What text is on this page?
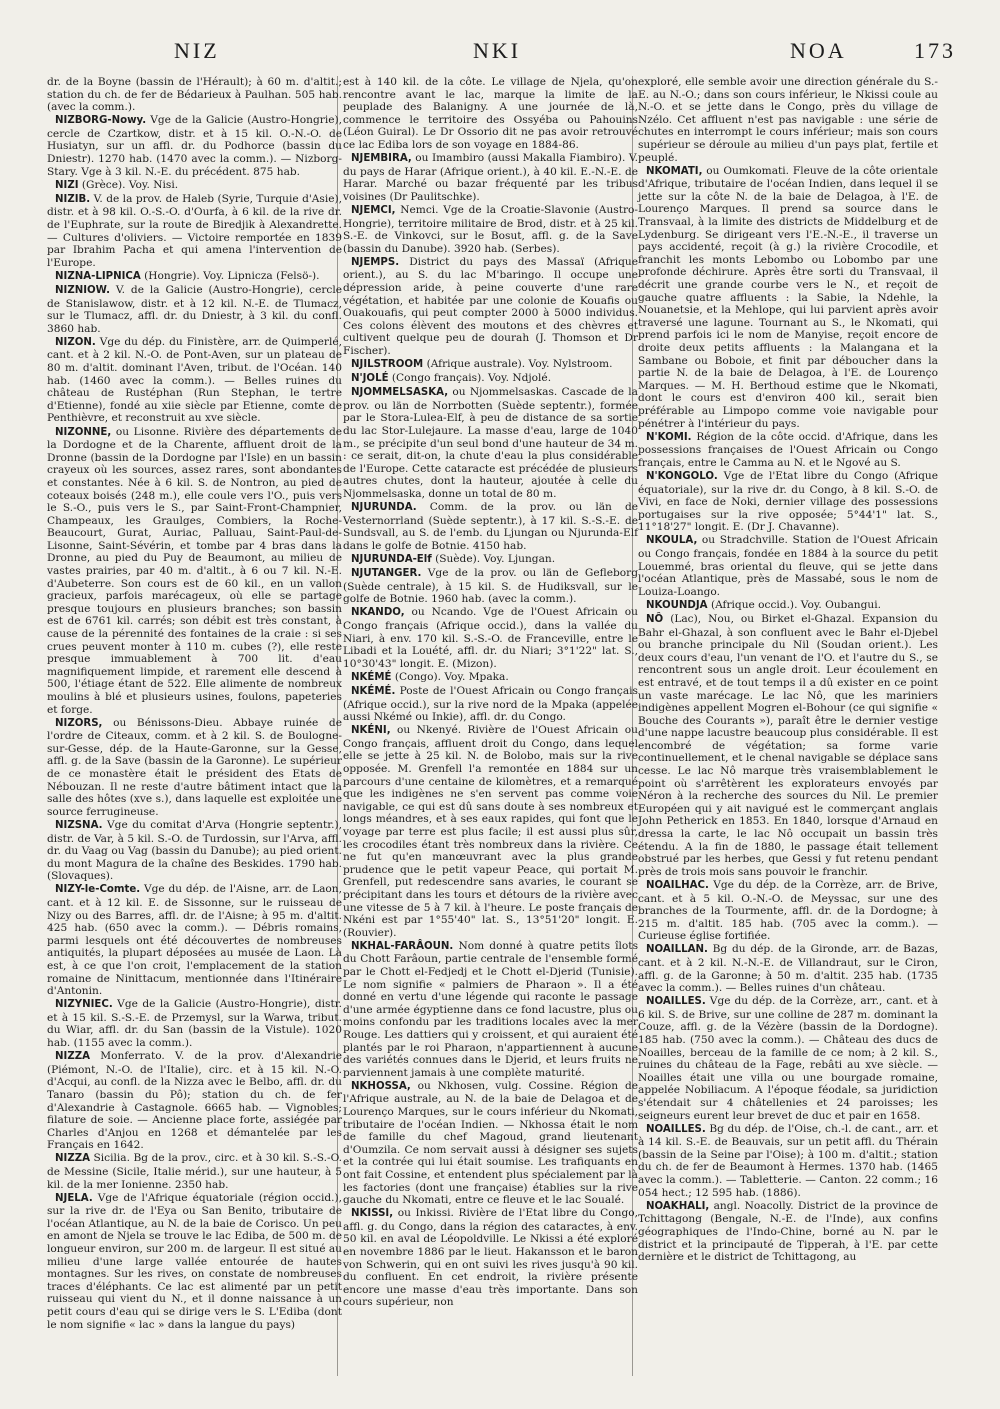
NIZ	NKI	NOA	173

dr. de la Boyne (bassin de l'Hérault); à 60 m. d'altit.; station du ch. de fer de Bédarieux à Paulhan. 505 hab. (avec la comm.).

NIZBORG-Nowy. Vge de la Galicie (Austro-Hongrie), cercle de Czartkow, distr. et à 15 kil. O.-N.-O. de Husiatyn, sur un affl. dr. du Podhorce (bassin du Dniestr). 1270 hab. (1470 avec la comm.). — Nizborg-Stary. Vge à 3 kil. N.-E. du précédent. 875 hab.

NIZI (Grèce). Voy. Nisi.

NIZIB. V. de la prov. de Haleb (Syrie, Turquie d'Asie), distr. et à 98 kil. O.-S.-O. d'Ourfa, à 6 kil. de la rive dr. de l'Euphrate, sur la route de Biredjik à Alexandrette. — Cultures d'oliviers. — Victoire remportée en 1839 par Ibrahim Pacha et qui amena l'intervention de l'Europe.

NIZNA-LIPNICA (Hongrie). Voy. Lipnicza (Felsö-).

NIZNIOW. V. de la Galicie (Austro-Hongrie), cercle de Stanislawow, distr. et à 12 kil. N.-E. de Tlumacz, sur le Tlumacz, affl. dr. du Dniestr, à 3 kil. du confl. 3860 hab.

NIZON. Vge du dép. du Finistère, arr. de Quimperlé, cant. et à 2 kil. N.-O. de Pont-Aven, sur un plateau de 80 m. d'altit. dominant l'Aven, tribut. de l'Océan. 140 hab. (1460 avec la comm.). — Belles ruines du château de Rustéphan (Run Stephan, le tertre d'Etienne), fondé au xiie siècle par Etienne, comte de Penthièvre, et reconstruit au xve siècle.

NIZONNE, ou Lisonne. Rivière des départements de la Dordogne et de la Charente, affluent droit de la Dronne (bassin de la Dordogne par l'Isle) en un bassin crayeux où les sources, assez rares, sont abondantes et constantes. Née à 6 kil. S. de Nontron, au pied de coteaux boisés (248 m.), elle coule vers l'O., puis vers le S.-O., puis vers le S., par Saint-Front-Champnier, Champeaux, les Graulges, Combiers, la Roche-Beaucourt, Gurat, Auriac, Palluau, Saint-Paul-de-Lisonne, Saint-Sévérin, et tombe par 4 bras dans la Dronne, au pied du Puy de Beaumont, au milieu de vastes prairies, par 40 m. d'altit., à 6 ou 7 kil. N.-E. d'Aubeterre. Son cours est de 60 kil., en un vallon gracieux, parfois marécageux, où elle se partage presque toujours en plusieurs branches; son bassin est de 6761 kil. carrés; son débit est très constant, à cause de la pérennité des fontaines de la craie : si ses crues peuvent monter à 110 m. cubes (?), elle reste presque immuablement à 700 lit. d'eau magnifiquement limpide, et rarement elle descend à 500, l'étiage étant de 522. Elle alimente de nombreux moulins à blé et plusieurs usines, foulons, papeteries et forge.

NIZORS, ou Bénissons-Dieu. Abbaye ruinée de l'ordre de Citeaux, comm. et à 2 kil. S. de Boulogne-sur-Gesse, dép. de la Haute-Garonne, sur la Gesse, affl. g. de la Save (bassin de la Garonne). Le supérieur de ce monastère était le président des Etats de Nébouzan. Il ne reste d'autre bâtiment intact que la salle des hôtes (xve s.), dans laquelle est exploitée une source ferrugineuse.

NIZSNA. Vge du comitat d'Arva (Hongrie septentr.), distr. de Var, à 5 kil. S.-O. de Turdossin, sur l'Arva, affl. dr. du Vaag ou Vag (bassin du Danube); au pied orient. du mont Magura de la chaîne des Beskides. 1790 hab. (Slovaques).

NIZY-le-Comte. Vge du dép. de l'Aisne, arr. de Laon, cant. et à 12 kil. E. de Sissonne, sur le ruisseau de Nizy ou des Barres, affl. dr. de l'Aisne; à 95 m. d'altit. 425 hab. (650 avec la comm.). — Débris romains, parmi lesquels ont été découvertes de nombreuses antiquités, la plupart déposées au musée de Laon. Là est, à ce que l'on croit, l'emplacement de la station romaine de Ninittacum, mentionnée dans l'Itinéraire d'Antonin.

NIZYNIEC. Vge de la Galicie (Austro-Hongrie), distr. et à 15 kil. S.-S.-E. de Przemysl, sur la Warwa, tribut. du Wiar, affl. dr. du San (bassin de la Vistule). 1020 hab. (1155 avec la comm.).

NIZZA Monferrato. V. de la prov. d'Alexandrie (Piémont, N.-O. de l'Italie), circ. et à 15 kil. N.-O. d'Acqui, au confl. de la Nizza avec le Belbo, affl. dr. du Tanaro (bassin du Pô); station du ch. de fer d'Alexandrie à Castagnole. 6665 hab. — Vignobles; filature de soie. — Ancienne place forte, assiégée par Charles d'Anjou en 1268 et démantelée par les Français en 1642.

NIZZA Sicilia. Bg de la prov., circ. et à 30 kil. S.-S.-O. de Messine (Sicile, Italie mérid.), sur une hauteur, à 5 kil. de la mer Ionienne. 2350 hab.

NJELA. Vge de l'Afrique équatoriale (région occid.), sur la rive dr. de l'Eya ou San Benito, tributaire de l'océan Atlantique, au N. de la baie de Corisco. Un peu en amont de Njela se trouve le lac Ediba, de 500 m. de longueur environ, sur 200 m. de largeur. Il est situé au milieu d'une large vallée entourée de hautes montagnes. Sur les rives, on constate de nombreuses traces d'éléphants. Ce lac est alimenté par un petit ruisseau qui vient du N., et il donne naissance à un petit cours d'eau qui se dirige vers le S. L'Ediba (dont le nom signifie « lac » dans la langue du pays)

est à 140 kil. de la côte. Le village de Njela, qu'on rencontre avant le lac, marque la limite de la peuplade des Balanigny. A une journée de là, commence le territoire des Ossyéba ou Pahouins (Léon Guiral). Le Dr Ossorio dit ne pas avoir retrouvé ce lac Ediba lors de son voyage en 1884-86.

NJEMBIRA, ou Imambiro (aussi Makalla Fiambiro). V. du pays de Harar (Afrique orient.), à 40 kil. E.-N.-E. de Harar. Marché ou bazar fréquenté par les tribus voisines (Dr Paulitschke).

NJEMCI, Nemci. Vge de la Croatie-Slavonie (Austro-Hongrie), territoire militaire de Brod, distr. et à 25 kil. S.-E. de Vinkovci, sur le Bosut, affl. g. de la Save (bassin du Danube). 3920 hab. (Serbes).

NJEMPS. District du pays des Massaï (Afrique orient.), au S. du lac M'baringo. Il occupe une dépression aride, à peine couverte d'une rare végétation, et habitée par une colonie de Kouafis ou Ouakouafis, qui peut compter 2000 à 5000 individus. Ces colons élèvent des moutons et des chèvres et cultivent quelque peu de dourah (J. Thomson et Dr Fischer).

NJILSTROOM (Afrique australe). Voy. Nylstroom.

N'JOLÉ (Congo français). Voy. Ndjolé.

NJOMMELSASKA, ou Njommelsaskas. Cascade de la prov. ou län de Norrbotten (Suède septentr.), formée par le Stora-Lulea-Elf, à peu de distance de sa sortie du lac Stor-Lulejaure. La masse d'eau, large de 1040 m., se précipite d'un seul bond d'une hauteur de 34 m. : ce serait, dit-on, la chute d'eau la plus considérable de l'Europe. Cette cataracte est précédée de plusieurs autres chutes, dont la hauteur, ajoutée à celle du Njommelsaska, donne un total de 80 m.

NJURUNDA. Comm. de la prov. ou län de Vesternorrland (Suède septentr.), à 17 kil. S.-S.-E. de Sundsvall, au S. de l'emb. du Ljungan ou Njurunda-Elf dans le golfe de Botnie. 4150 hab.

NJURUNDA-Elf (Suède). Voy. Ljungan.

NJUTANGER. Vge de la prov. ou län de Gefleborg (Suède centrale), à 15 kil. S. de Hudiksvall, sur le golfe de Botnie. 1960 hab. (avec la comm.).

NKANDO, ou Ncando. Vge de l'Ouest Africain ou Congo français (Afrique occid.), dans la vallée du Niari, à env. 170 kil. S.-S.-O. de Franceville, entre le Libadi et la Louété, affl. dr. du Niari; 3°1'22" lat. S., 10°30'43" longit. E. (Mizon).

NKÉMÉ (Congo). Voy. Mpaka.

NKÉMÉ. Poste de l'Ouest Africain ou Congo français (Afrique occid.), sur la rive nord de la Mpaka (appelée aussi Nkémé ou Inkie), affl. dr. du Congo.

NKÉNI, ou Nkenyé. Rivière de l'Ouest Africain ou Congo français, affluent droit du Congo, dans lequel elle se jette à 25 kil. N. de Bolobo, mais sur la rive opposée. M. Grenfell l'a remontée en 1884 sur un parcours d'une centaine de kilomètres, et a remarqué que les indigènes ne s'en servent pas comme voie navigable, ce qui est dû sans doute à ses nombreux et longs méandres, et à ses eaux rapides, qui font que le voyage par terre est plus facile; il est aussi plus sûr, les crocodiles étant très nombreux dans la rivière. Ce ne fut qu'en manœuvrant avec la plus grande prudence que le petit vapeur Peace, qui portait M. Grenfell, put redescendre sans avaries, le courant se précipitant dans les tours et détours de la rivière avec une vitesse de 5 à 7 kil. à l'heure. Le poste français de Nkéni est par 1°55'40" lat. S., 13°51'20" longit. E. (Rouvier).

NKHAL-FARÂOUN. Nom donné à quatre petits îlots du Chott Farâoun, partie centrale de l'ensemble formé par le Chott el-Fedjedj et le Chott el-Djerid (Tunisie). Le nom signifie « palmiers de Pharaon ». Il a été donné en vertu d'une légende qui raconte le passage d'une armée égyptienne dans ce fond lacustre, plus ou moins confondu par les traditions locales avec la mer Rouge. Les dattiers qui y croissent, et qui auraient été plantés par le roi Pharaon, n'appartiennent à aucune des variétés connues dans le Djerid, et leurs fruits ne parviennent jamais à une complète maturité.

NKHOSSA, ou Nkhosen, vulg. Cossine. Région de l'Afrique australe, au N. de la baie de Delagoa et de Lourenço Marques, sur le cours inférieur du Nkomati, tributaire de l'océan Indien. — Nkhossa était le nom de famille du chef Magoud, grand lieutenant d'Oumzila. Ce nom servait aussi à désigner ses sujets et la contrée qui lui était soumise. Les trafiquants en ont fait Cossine, et entendent plus spécialement par là les factories (dont une française) établies sur la rive gauche du Nkomati, entre ce fleuve et le lac Soualé.

NKISSI, ou Inkissi. Rivière de l'Etat libre du Congo, affl. g. du Congo, dans la région des cataractes, à env. 50 kil. en aval de Léopoldville. Le Nkissi a été exploré en novembre 1886 par le lieut. Hakansson et le baron von Schwerin, qui en ont suivi les rives jusqu'à 90 kil. du confluent. En cet endroit, la rivière présente encore une masse d'eau très importante. Dans son cours supérieur, non

exploré, elle semble avoir une direction générale du S.-E. au N.-O.; dans son cours inférieur, le Nkissi coule au N.-O. et se jette dans le Congo, près du village de Nzélo. Cet affluent n'est pas navigable : une série de chutes en interrompt le cours inférieur; mais son cours supérieur se déroule au milieu d'un pays plat, fertile et peuplé.

NKOMATI, ou Oumkomati. Fleuve de la côte orientale d'Afrique, tributaire de l'océan Indien, dans lequel il se jette sur la côte N. de la baie de Delagoa, à l'E. de Lourenço Marques. Il prend sa source dans le Transvaal, à la limite des districts de Middelburg et de Lydenburg. Se dirigeant vers l'E.-N.-E., il traverse un pays accidenté, reçoit (à g.) la rivière Crocodile, et franchit les monts Lebombo ou Lobombo par une profonde déchirure. Après être sorti du Transvaal, il décrit une grande courbe vers le N., et reçoit de gauche quatre affluents : la Sabie, la Ndehle, la Nouanetsie, et la Mehlope, qui lui parvient après avoir traversé une lagune. Tournant au S., le Nkomati, qui prend parfois ici le nom de Manyise, reçoit encore de droite deux petits affluents : la Malangana et la Sambane ou Boboie, et finit par déboucher dans la partie N. de la baie de Delagoa, à l'E. de Lourenço Marques. — M. H. Berthoud estime que le Nkomati, dont le cours est d'environ 400 kil., serait bien préférable au Limpopo comme voie navigable pour pénétrer à l'intérieur du pays.

N'KOMI. Région de la côte occid. d'Afrique, dans les possessions françaises de l'Ouest Africain ou Congo français, entre le Camma au N. et le Ngové au S.

N'KONGOLO. Vge de l'Etat libre du Congo (Afrique équatoriale), sur la rive dr. du Congo, à 8 kil. S.-O. de Vivi, en face de Noki, dernier village des possessions portugaises sur la rive opposée; 5°44'1" lat. S., 11°18'27" longit. E. (Dr J. Chavanne).

NKOULA, ou Stradchville. Station de l'Ouest Africain ou Congo français, fondée en 1884 à la source du petit Louemmé, bras oriental du fleuve, qui se jette dans l'océan Atlantique, près de Massabé, sous le nom de Louiza-Loango.

NKOUNDJA (Afrique occid.). Voy. Oubangui.

NÔ (Lac), Nou, ou Birket el-Ghazal. Expansion du Bahr el-Ghazal, à son confluent avec le Bahr el-Djebel ou branche principale du Nil (Soudan orient.). Les deux cours d'eau, l'un venant de l'O. et l'autre du S., se rencontrent sous un angle droit. Leur écoulement en est entravé, et de tout temps il a dû exister en ce point un vaste marécage. Le lac Nô, que les mariniers indigènes appellent Mogren el-Bohour (ce qui signifie « Bouche des Courants »), paraît être le dernier vestige d'une nappe lacustre beaucoup plus considérable. Il est encombré de végétation; sa forme varie continuellement, et le chenal navigable se déplace sans cesse. Le lac Nô marque très vraisemblablement le point où s'arrêtèrent les explorateurs envoyés par Néron à la recherche des sources du Nil. Le premier Européen qui y ait navigué est le commerçant anglais John Petherick en 1853. En 1840, lorsque d'Arnaud en dressa la carte, le lac Nô occupait un bassin très étendu. A la fin de 1880, le passage était tellement obstrué par les herbes, que Gessi y fut retenu pendant près de trois mois sans pouvoir le franchir.

NOAILHAC. Vge du dép. de la Corrèze, arr. de Brive, cant. et à 5 kil. O.-N.-O. de Meyssac, sur une des branches de la Tourmente, affl. dr. de la Dordogne; à 215 m. d'altit. 185 hab. (705 avec la comm.). — Curieuse église fortifiée.

NOAILLAN. Bg du dép. de la Gironde, arr. de Bazas, cant. et à 2 kil. N.-N.-E. de Villandraut, sur le Ciron, affl. g. de la Garonne; à 50 m. d'altit. 235 hab. (1735 avec la comm.). — Belles ruines d'un château.

NOAILLES. Vge du dép. de la Corrèze, arr., cant. et à 6 kil. S. de Brive, sur une colline de 287 m. dominant la Couze, affl. g. de la Vézère (bassin de la Dordogne). 185 hab. (750 avec la comm.). — Château des ducs de Noailles, berceau de la famille de ce nom; à 2 kil. S., ruines du château de la Fage, rebâti au xve siècle. — Noailles était une villa ou une bourgade romaine, appelée Nobiliacum. A l'époque féodale, sa juridiction s'étendait sur 4 châtellenies et 24 paroisses; les seigneurs eurent leur brevet de duc et pair en 1658.

NOAILLES. Bg du dép. de l'Oise, ch.-l. de cant., arr. et à 14 kil. S.-E. de Beauvais, sur un petit affl. du Thérain (bassin de la Seine par l'Oise); à 100 m. d'altit.; station du ch. de fer de Beaumont à Hermes. 1370 hab. (1465 avec la comm.). — Tabletterie. — Canton. 22 comm.; 16 054 hect.; 12 595 hab. (1886).

NOAKHALI, angl. Noacolly. District de la province de Tchittagong (Bengale, N.-E. de l'Inde), aux confins géographiques de l'Indo-Chine, borné au N. par le district et la principauté de Tipperah, à l'E. par cette dernière et le district de Tchittagong, au
